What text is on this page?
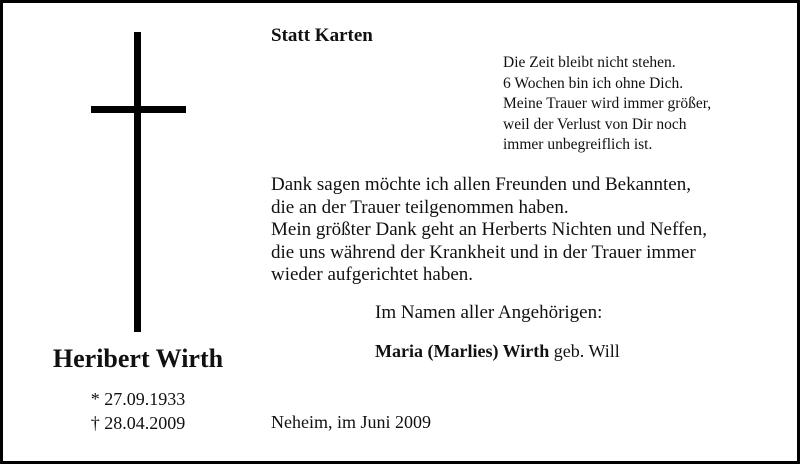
Heribert Wirth
* 27.09.1933
† 28.04.2009
Statt Karten
Die Zeit bleibt nicht stehen.
6 Wochen bin ich ohne Dich.
Meine Trauer wird immer größer,
weil der Verlust von Dir noch
immer unbegreiflich ist.
Dank sagen möchte ich allen Freunden und Bekannten,
die an der Trauer teilgenommen haben.
Mein größter Dank geht an Herberts Nichten und Neffen,
die uns während der Krankheit und in der Trauer immer
wieder aufgerichtet haben.
Im Namen aller Angehörigen:
Maria (Marlies) Wirth geb. Will
Neheim, im Juni 2009
